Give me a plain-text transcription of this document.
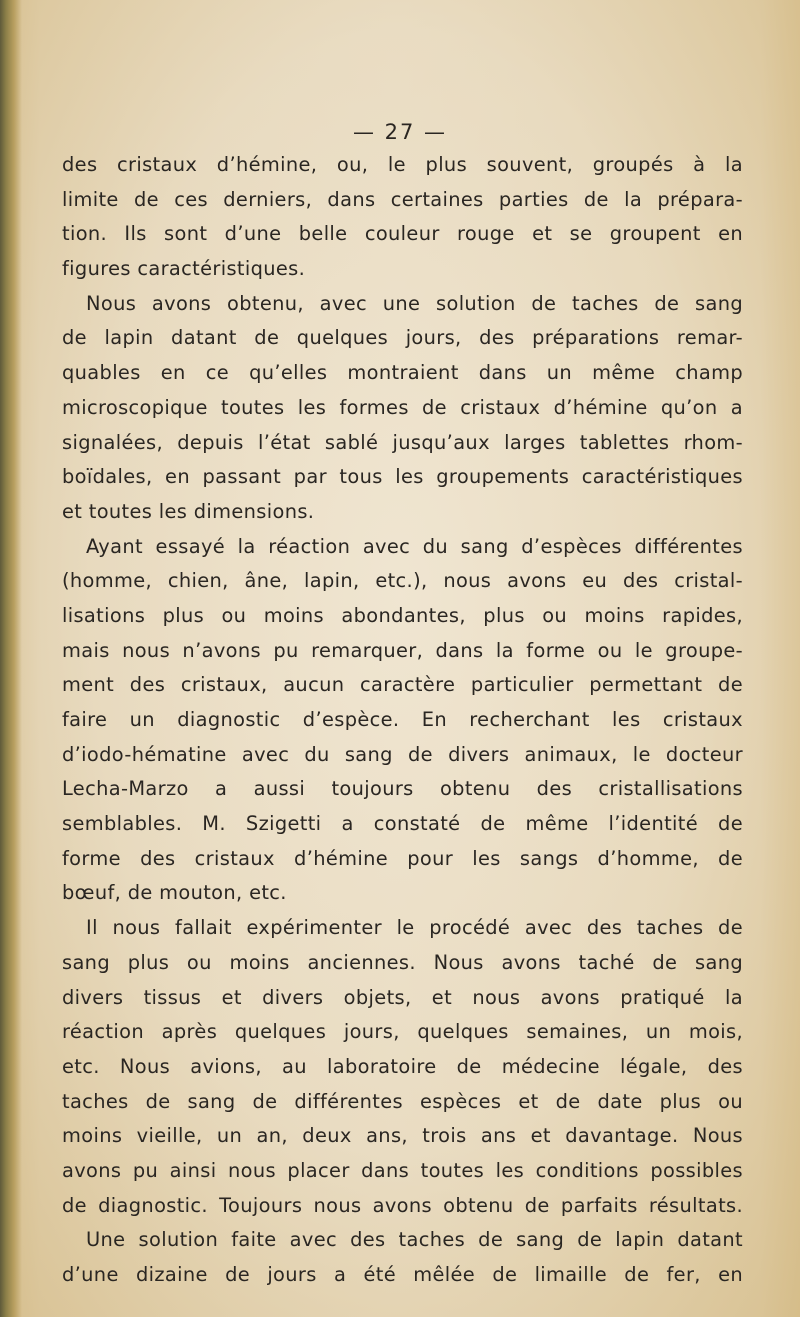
— 27 —
des cristaux d’hémine, ou, le plus souvent, groupés à la
limite de ces derniers, dans certaines parties de la prépara-
tion. Ils sont d’une belle couleur rouge et se groupent en
figures caractéristiques.
Nous avons obtenu, avec une solution de taches de sang
de lapin datant de quelques jours, des préparations remar-
quables en ce qu’elles montraient dans un même champ
microscopique toutes les formes de cristaux d’hémine qu’on a
signalées, depuis l’état sablé jusqu’aux larges tablettes rhom-
boïdales, en passant par tous les groupements caractéristiques
et toutes les dimensions.
Ayant essayé la réaction avec du sang d’espèces différentes
(homme, chien, âne, lapin, etc.), nous avons eu des cristal-
lisations plus ou moins abondantes, plus ou moins rapides,
mais nous n’avons pu remarquer, dans la forme ou le groupe-
ment des cristaux, aucun caractère particulier permettant de
faire un diagnostic d’espèce. En recherchant les cristaux
d’iodo-hématine avec du sang de divers animaux, le docteur
Lecha-Marzo a aussi toujours obtenu des cristallisations
semblables. M. Szigetti a constaté de même l’identité de
forme des cristaux d’hémine pour les sangs d’homme, de
bœuf, de mouton, etc.
Il nous fallait expérimenter le procédé avec des taches de
sang plus ou moins anciennes. Nous avons taché de sang
divers tissus et divers objets, et nous avons pratiqué la
réaction après quelques jours, quelques semaines, un mois,
etc. Nous avions, au laboratoire de médecine légale, des
taches de sang de différentes espèces et de date plus ou
moins vieille, un an, deux ans, trois ans et davantage. Nous
avons pu ainsi nous placer dans toutes les conditions possibles
de diagnostic. Toujours nous avons obtenu de parfaits résultats.
Une solution faite avec des taches de sang de lapin datant
d’une dizaine de jours a été mêlée de limaille de fer, en
